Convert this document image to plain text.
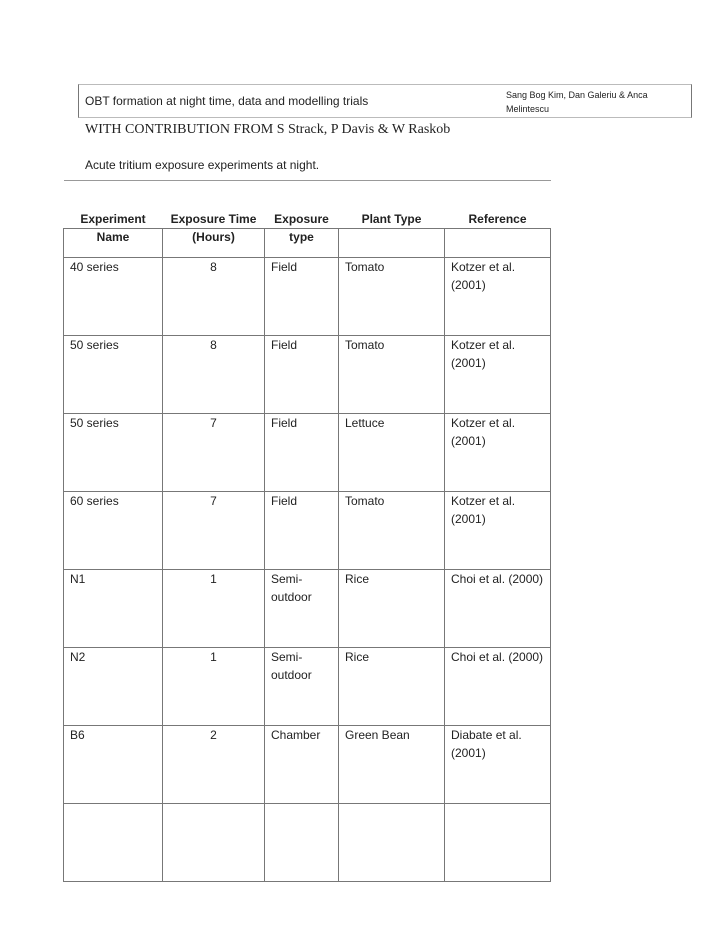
OBT formation at night time, data and modelling trials	Sang Bog Kim, Dan Galeriu & Anca Melintescu
WITH CONTRIBUTION FROM S Strack, P Davis & W Raskob
Acute tritium exposure experiments at night.
Experiment	Exposure Time	Exposure	Plant Type	Reference
Name	(Hours)	type		
40 series	8	Field	Tomato	Kotzer et al. (2001)
50 series	8	Field	Tomato	Kotzer et al. (2001)
50 series	7	Field	Lettuce	Kotzer et al. (2001)
60 series	7	Field	Tomato	Kotzer et al. (2001)
N1	1	Semi-outdoor	Rice	Choi et al. (2000)
N2	1	Semi-outdoor	Rice	Choi et al. (2000)
B6	2	Chamber	Green Bean	Diabate et al. (2001)
